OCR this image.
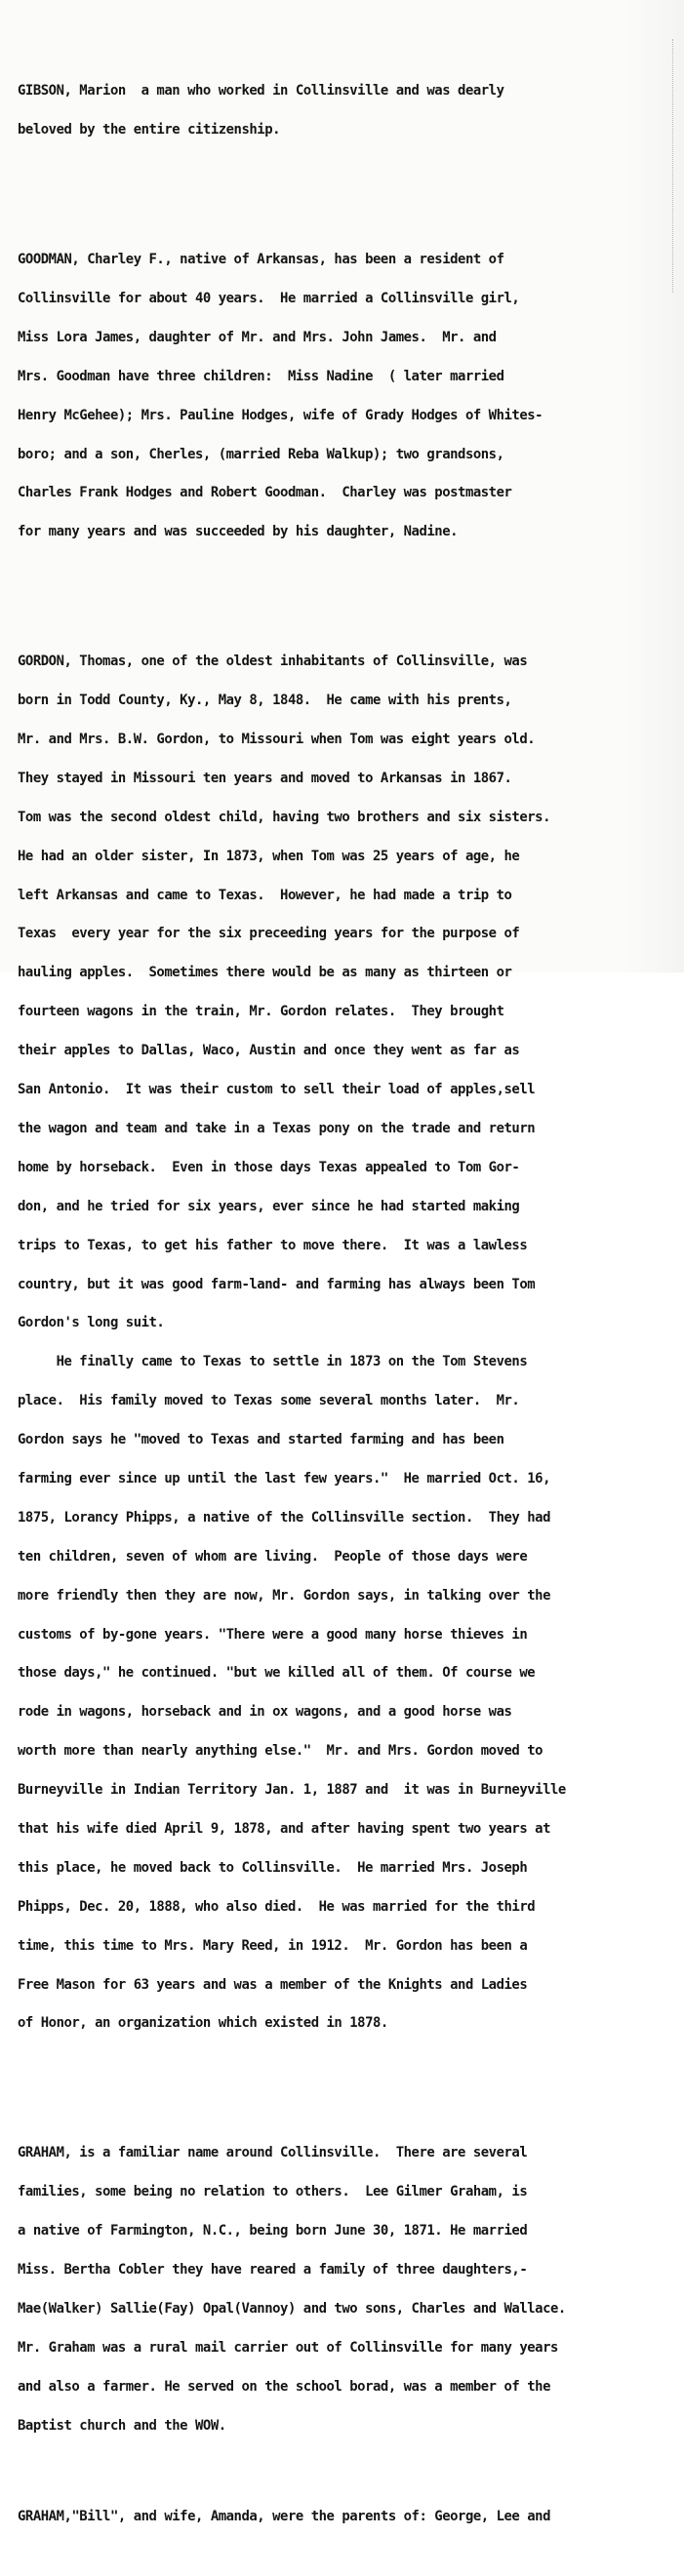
GIBSON, Marion  a man who worked in Collinsville and was dearly

beloved by the entire citizenship.

GOODMAN, Charley F., native of Arkansas, has been a resident of

Collinsville for about 40 years.  He married a Collinsville girl,

Miss Lora James, daughter of Mr. and Mrs. John James.  Mr. and

Mrs. Goodman have three children:  Miss Nadine  ( later married

Henry McGehee); Mrs. Pauline Hodges, wife of Grady Hodges of Whites-

boro; and a son, Cherles, (married Reba Walkup); two grandsons,

Charles Frank Hodges and Robert Goodman.  Charley was postmaster

for many years and was succeeded by his daughter, Nadine.

GORDON, Thomas, one of the oldest inhabitants of Collinsville, was

born in Todd County, Ky., May 8, 1848.  He came with his prents,

Mr. and Mrs. B.W. Gordon, to Missouri when Tom was eight years old.

They stayed in Missouri ten years and moved to Arkansas in 1867.

Tom was the second oldest child, having two brothers and six sisters.

He had an older sister, In 1873, when Tom was 25 years of age, he

left Arkansas and came to Texas.  However, he had made a trip to

Texas  every year for the six preceeding years for the purpose of

hauling apples.  Sometimes there would be as many as thirteen or

fourteen wagons in the train, Mr. Gordon relates.  They brought

their apples to Dallas, Waco, Austin and once they went as far as

San Antonio.  It was their custom to sell their load of apples,sell

the wagon and team and take in a Texas pony on the trade and return

home by horseback.  Even in those days Texas appealed to Tom Gor-

don, and he tried for six years, ever since he had started making

trips to Texas, to get his father to move there.  It was a lawless

country, but it was good farm-land- and farming has always been Tom

Gordon's long suit.

He finally came to Texas to settle in 1873 on the Tom Stevens

place.  His family moved to Texas some several months later.  Mr.

Gordon says he "moved to Texas and started farming and has been

farming ever since up until the last few years."  He married Oct. 16,

1875, Lorancy Phipps, a native of the Collinsville section.  They had

ten children, seven of whom are living.  People of those days were

more friendly then they are now, Mr. Gordon says, in talking over the

customs of by-gone years. "There were a good many horse thieves in

those days," he continued. "but we killed all of them. Of course we

rode in wagons, horseback and in ox wagons, and a good horse was

worth more than nearly anything else."  Mr. and Mrs. Gordon moved to

Burneyville in Indian Territory Jan. 1, 1887 and  it was in Burneyville

that his wife died April 9, 1878, and after having spent two years at

this place, he moved back to Collinsville.  He married Mrs. Joseph

Phipps, Dec. 20, 1888, who also died.  He was married for the third

time, this time to Mrs. Mary Reed, in 1912.  Mr. Gordon has been a

Free Mason for 63 years and was a member of the Knights and Ladies

of Honor, an organization which existed in 1878.

GRAHAM, is a familiar name around Collinsville.  There are several

families, some being no relation to others.  Lee Gilmer Graham, is

a native of Farmington, N.C., being born June 30, 1871. He married

Miss. Bertha Cobler they have reared a family of three daughters,-

Mae(Walker) Sallie(Fay) Opal(Vannoy) and two sons, Charles and Wallace.

Mr. Graham was a rural mail carrier out of Collinsville for many years

and also a farmer. He served on the school borad, was a member of the

Baptist church and the WOW.

GRAHAM,"Bill", and wife, Amanda, were the parents of: George, Lee and
